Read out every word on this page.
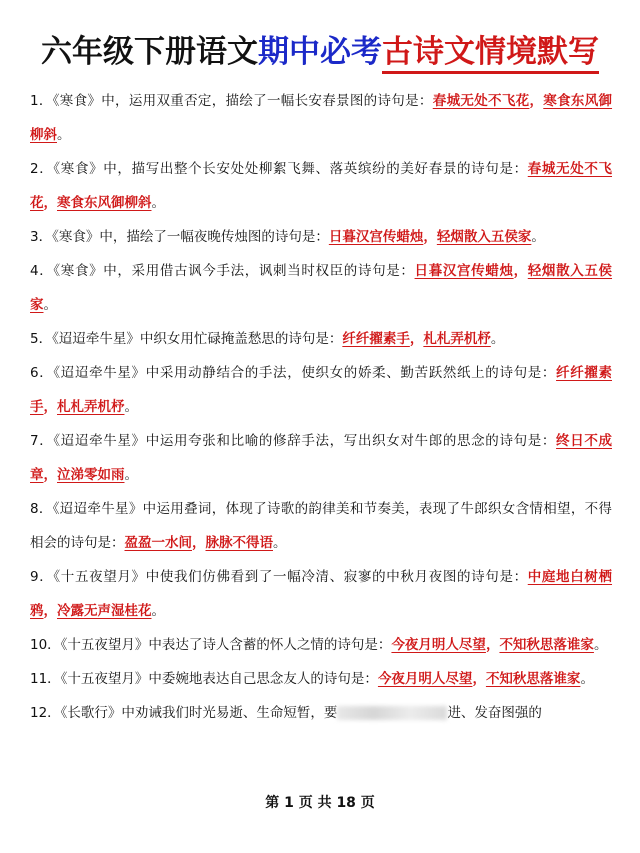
六年级下册语文期中必考古诗文情境默写
1．《寒食》中，运用双重否定，描绘了一幅长安春景图的诗句是：春城无处不飞花，寒食东风御柳斜。
2．《寒食》中，描写出整个长安处处柳絮飞舞、落英缤纷的美好春景的诗句是：春城无处不飞花，寒食东风御柳斜。
3．《寒食》中，描绘了一幅夜晚传烛图的诗句是：日暮汉宫传蜡烛，轻烟散入五侯家。
4．《寒食》中，采用借古讽今手法，讽刺当时权臣的诗句是：日暮汉宫传蜡烛，轻烟散入五侯家。
5．《迢迢牵牛星》中织女用忙碌掩盖愁思的诗句是：纤纤擢素手，札札弄机杼。
6．《迢迢牵牛星》中采用动静结合的手法，使织女的娇柔、勤苦跃然纸上的诗句是：纤纤擢素手，札札弄机杼。
7．《迢迢牵牛星》中运用夸张和比喻的修辞手法，写出织女对牛郎的思念的诗句是：终日不成章，泣涕零如雨。
8．《迢迢牵牛星》中运用叠词，体现了诗歌的韵律美和节奏美，表现了牛郎织女含情相望，不得相会的诗句是：盈盈一水间，脉脉不得语。
9．《十五夜望月》中使我们仿佛看到了一幅冷清、寂寥的中秋月夜图的诗句是：中庭地白树栖鸦，冷露无声湿桂花。
10．《十五夜望月》中表达了诗人含蓄的怀人之情的诗句是：今夜月明人尽望，不知秋思落谁家。
11．《十五夜望月》中委婉地表达自己思念友人的诗句是：今夜月明人尽望，不知秋思落谁家。
12．《长歌行》中劝诫我们时光易逝、生命短暂，要	进、发奋图强的
第 1 页 共 18 页
